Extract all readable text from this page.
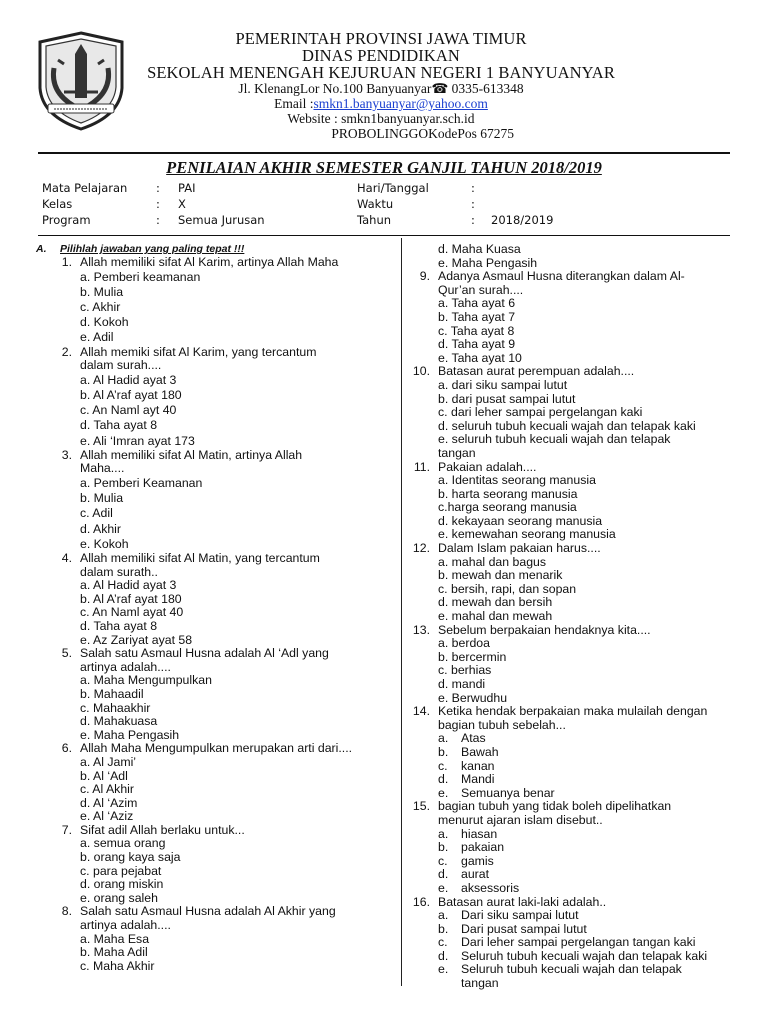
PEMERINTAH PROVINSI JAWA TIMUR
DINAS PENDIDIKAN
SEKOLAH MENENGAH KEJURUAN NEGERI 1 BANYUANYAR
Jl. KlenangLor No.100 Banyuanyar☎ 0335-613348
Email :smkn1.banyuanyar@yahoo.com
Website : smkn1banyuanyar.sch.id
PROBOLINGGOKodePos 67275
PENILAIAN AKHIR SEMESTER GANJIL TAHUN 2018/2019
Mata Pelajaran : PAI
Kelas	: X
Program	: Semua Jurusan
Hari/Tanggal	:
Waktu	:
Tahun	: 2018/2019
A. Pilihlah jawaban yang paling tepat !!!
1. Allah memiliki sifat Al Karim, artinya Allah Maha
a. Pemberi keamanan
b. Mulia
c. Akhir
d. Kokoh
e. Adil
2. Allah memiki sifat Al Karim, yang tercantum
dalam surah....
a. Al Hadid ayat 3
b. Al A’raf ayat 180
c. An Naml ayt 40
d. Taha ayat 8
e. Ali ‘Imran ayat 173
3. Allah memiliki sifat Al Matin, artinya Allah
Maha....
a. Pemberi Keamanan
b. Mulia
c. Adil
d. Akhir
e. Kokoh
4. Allah memiliki sifat Al Matin, yang tercantum
dalam surath..
a. Al Hadid ayat 3
b. Al A’raf ayat 180
c. An Naml ayat 40
d. Taha ayat 8
e. Az Zariyat ayat 58
5. Salah satu Asmaul Husna adalah Al ‘Adl yang
artinya adalah....
a. Maha Mengumpulkan
b. Mahaadil
c. Mahaakhir
d. Mahakuasa
e. Maha Pengasih
6. Allah Maha Mengumpulkan merupakan arti dari....
a. Al Jami’
b. Al ‘Adl
c. Al Akhir
d. Al ‘Azim
e. Al ‘Aziz
7. Sifat adil Allah berlaku untuk...
a. semua orang
b. orang kaya saja
c. para pejabat
d. orang miskin
e. orang saleh
8. Salah satu Asmaul Husna adalah Al Akhir yang
artinya adalah....
a. Maha Esa
b. Maha Adil
c. Maha Akhir
d. Maha Kuasa
e. Maha Pengasih
9. Adanya Asmaul Husna diterangkan dalam Al-
Qur’an surah....
a. Taha ayat 6
b. Taha ayat 7
c. Taha ayat 8
d. Taha ayat 9
e. Taha ayat 10
10. Batasan aurat perempuan adalah....
a. dari siku sampai lutut
b. dari pusat sampai lutut
c. dari leher sampai pergelangan kaki
d. seluruh tubuh kecuali wajah dan telapak kaki
e. seluruh tubuh kecuali wajah dan telapak
tangan
11. Pakaian adalah....
a. Identitas seorang manusia
b. harta seorang manusia
c.harga seorang manusia
d. kekayaan seorang manusia
e. kemewahan seorang manusia
12. Dalam Islam pakaian harus....
a. mahal dan bagus
b. mewah dan menarik
c. bersih, rapi, dan sopan
d. mewah dan bersih
e. mahal dan mewah
13. Sebelum berpakaian hendaknya kita....
a. berdoa
b. bercermin
c. berhias
d. mandi
e. Berwudhu
14. Ketika hendak berpakaian maka mulailah dengan
bagian tubuh sebelah...
a. Atas
b. Bawah
c. kanan
d. Mandi
e. Semuanya benar
15. bagian tubuh yang tidak boleh dipelihatkan
menurut ajaran islam disebut..
a. hiasan
b. pakaian
c. gamis
d. aurat
e. aksessoris
16. Batasan aurat laki-laki adalah..
a. Dari siku sampai lutut
b. Dari pusat sampai lutut
c. Dari leher sampai pergelangan tangan kaki
d. Seluruh tubuh kecuali wajah dan telapak kaki
e. Seluruh tubuh kecuali wajah dan telapak
tangan
